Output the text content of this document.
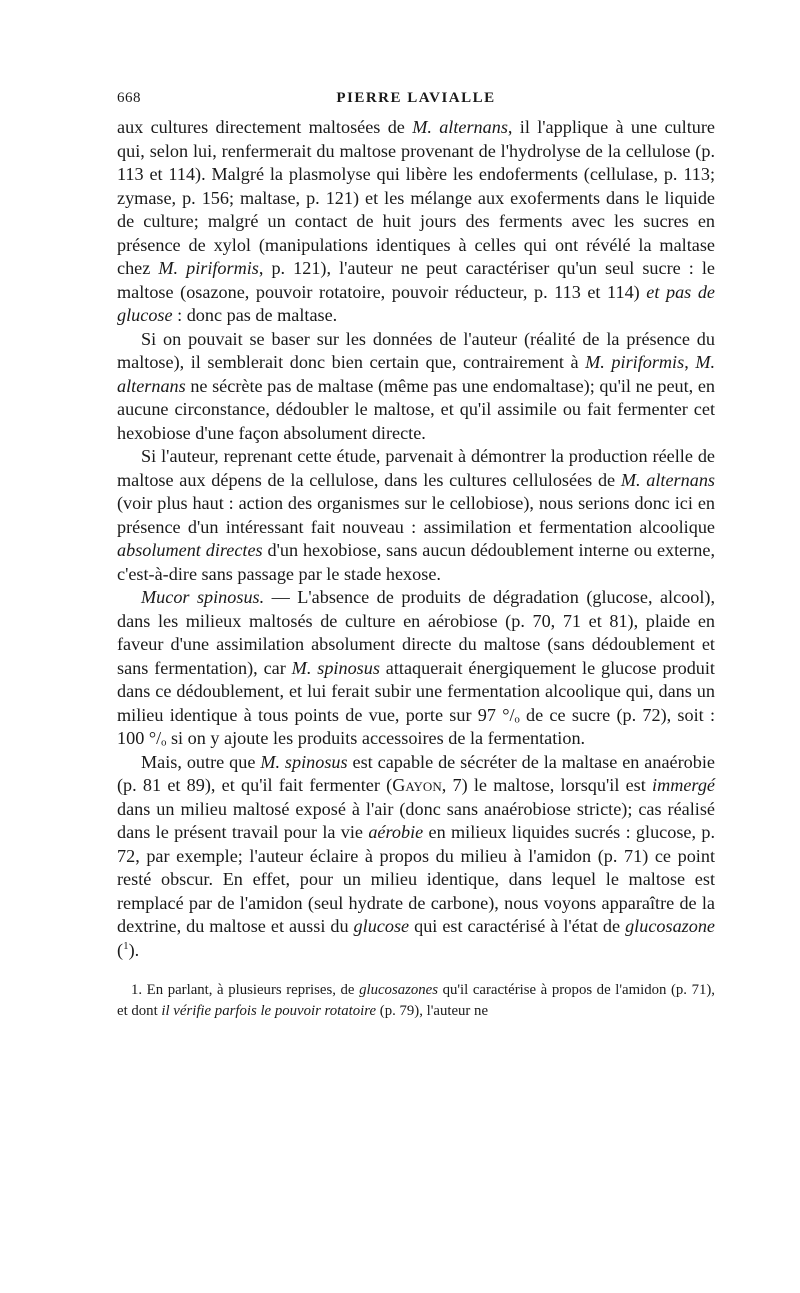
668	PIERRE LAVIALLE

aux cultures directement maltosées de M. alternans, il l'applique à une culture qui, selon lui, renfermerait du maltose provenant de l'hydrolyse de la cellulose (p. 113 et 114). Malgré la plasmolyse qui libère les endoferments (cellulase, p. 113; zymase, p. 156; maltase, p. 121) et les mélange aux exoferments dans le liquide de culture; malgré un contact de huit jours des ferments avec les sucres en présence de xylol (manipulations identiques à celles qui ont révélé la maltase chez M. piriformis, p. 121), l'auteur ne peut caractériser qu'un seul sucre : le maltose (osazone, pouvoir rotatoire, pouvoir réducteur, p. 113 et 114) et pas de glucose : donc pas de maltase.

Si on pouvait se baser sur les données de l'auteur (réalité de la présence du maltose), il semblerait donc bien certain que, contrairement à M. piriformis, M. alternans ne sécrète pas de maltase (même pas une endomaltase); qu'il ne peut, en aucune circonstance, dédoubler le maltose, et qu'il assimile ou fait fermenter cet hexobiose d'une façon absolument directe.

Si l'auteur, reprenant cette étude, parvenait à démontrer la production réelle de maltose aux dépens de la cellulose, dans les cultures cellulosées de M. alternans (voir plus haut : action des organismes sur le cellobiose), nous serions donc ici en présence d'un intéressant fait nouveau : assimilation et fermentation alcoolique absolument directes d'un hexobiose, sans aucun dédoublement interne ou externe, c'est-à-dire sans passage par le stade hexose.

Mucor spinosus. — L'absence de produits de dégradation (glucose, alcool), dans les milieux maltosés de culture en aérobiose (p. 70, 71 et 81), plaide en faveur d'une assimilation absolument directe du maltose (sans dédoublement et sans fermentation), car M. spinosus attaquerait énergiquement le glucose produit dans ce dédoublement, et lui ferait subir une fermentation alcoolique qui, dans un milieu identique à tous points de vue, porte sur 97 °/ₒ de ce sucre (p. 72), soit : 100 °/ₒ si on y ajoute les produits accessoires de la fermentation.

Mais, outre que M. spinosus est capable de sécréter de la maltase en anaérobie (p. 81 et 89), et qu'il fait fermenter (Gayon, 7) le maltose, lorsqu'il est immergé dans un milieu maltosé exposé à l'air (donc sans anaérobiose stricte); cas réalisé dans le présent travail pour la vie aérobie en milieux liquides sucrés : glucose, p. 72, par exemple; l'auteur éclaire à propos du milieu à l'amidon (p. 71) ce point resté obscur. En effet, pour un milieu identique, dans lequel le maltose est remplacé par de l'amidon (seul hydrate de carbone), nous voyons apparaître de la dextrine, du maltose et aussi du glucose qui est caractérisé à l'état de glucosazone ($^1$).

1. En parlant, à plusieurs reprises, de glucosazones qu'il caractérise à propos de l'amidon (p. 71), et dont il vérifie parfois le pouvoir rotatoire (p. 79), l'auteur ne
